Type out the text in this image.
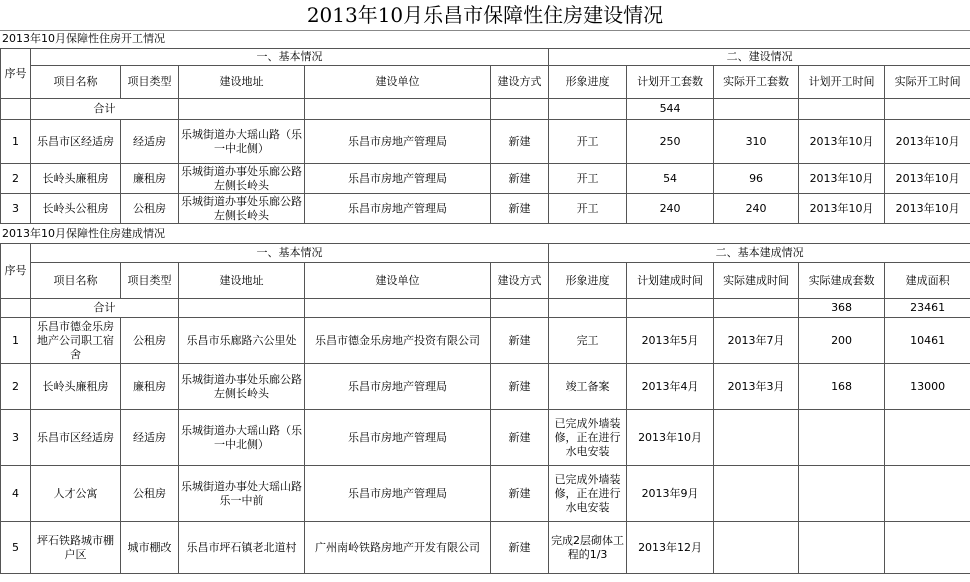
2013年10月乐昌市保障性住房建设情况
2013年10月保障性住房开工情况
序号	一、基本情况					二、建设情况				
	项目名称	项目类型	建设地址	建设单位	建设方式	形象进度	计划开工套数	实际开工套数	计划开工时间	实际开工时间
	合计						544			
1	乐昌市区经适房	经适房	乐城街道办大瑶山路（乐一中北侧）	乐昌市房地产管理局	新建	开工	250	310	2013年10月	2013年10月
2	长岭头廉租房	廉租房	乐城街道办事处乐廊公路左侧长岭头	乐昌市房地产管理局	新建	开工	54	96	2013年10月	2013年10月
3	长岭头公租房	公租房	乐城街道办事处乐廊公路左侧长岭头	乐昌市房地产管理局	新建	开工	240	240	2013年10月	2013年10月
2013年10月保障性住房建成情况
序号	一、基本情况					二、基本建成情况				
	项目名称	项目类型	建设地址	建设单位	建设方式	形象进度	计划建成时间	实际建成时间	实际建成套数	建成面积
	合计								368	23461
1	乐昌市德金乐房地产公司职工宿舍	公租房	乐昌市乐廊路六公里处	乐昌市德金乐房地产投资有限公司	新建	完工	2013年5月	2013年7月	200	10461
2	长岭头廉租房	廉租房	乐城街道办事处乐廊公路左侧长岭头	乐昌市房地产管理局	新建	竣工备案	2013年4月	2013年3月	168	13000
3	乐昌市区经适房	经适房	乐城街道办大瑶山路（乐一中北侧）	乐昌市房地产管理局	新建	已完成外墙装修，正在进行水电安装	2013年10月			
4	人才公寓	公租房	乐城街道办事处大瑶山路乐一中前	乐昌市房地产管理局	新建	已完成外墙装修，正在进行水电安装	2013年9月			
5	坪石铁路城市棚户区	城市棚改	乐昌市坪石镇老北道村	广州南岭铁路房地产开发有限公司	新建	完成2层砌体工程的1/3	2013年12月			
